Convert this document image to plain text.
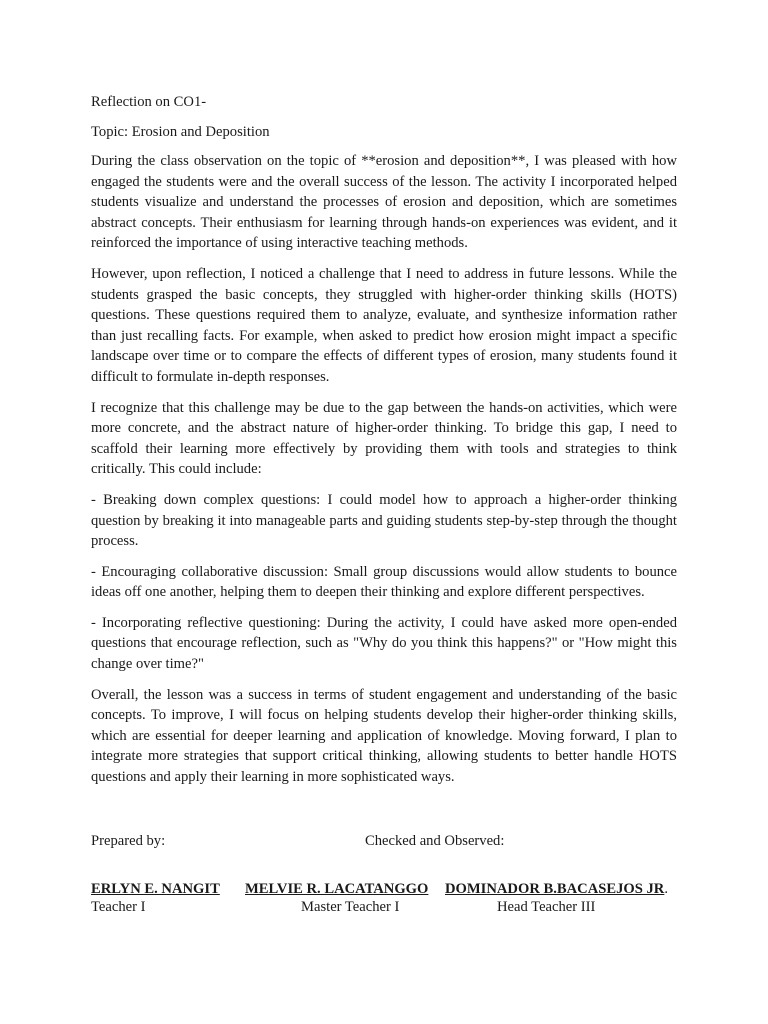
Reflection on CO1-

Topic: Erosion and Deposition

During the class observation on the topic of **erosion and deposition**, I was pleased with how engaged the students were and the overall success of the lesson. The activity I incorporated helped students visualize and understand the processes of erosion and deposition, which are sometimes abstract concepts. Their enthusiasm for learning through hands-on experiences was evident, and it reinforced the importance of using interactive teaching methods.

However, upon reflection, I noticed a challenge that I need to address in future lessons. While the students grasped the basic concepts, they struggled with higher-order thinking skills (HOTS) questions. These questions required them to analyze, evaluate, and synthesize information rather than just recalling facts. For example, when asked to predict how erosion might impact a specific landscape over time or to compare the effects of different types of erosion, many students found it difficult to formulate in-depth responses.

I recognize that this challenge may be due to the gap between the hands-on activities, which were more concrete, and the abstract nature of higher-order thinking. To bridge this gap, I need to scaffold their learning more effectively by providing them with tools and strategies to think critically. This could include:

- Breaking down complex questions: I could model how to approach a higher-order thinking question by breaking it into manageable parts and guiding students step-by-step through the thought process.

- Encouraging collaborative discussion: Small group discussions would allow students to bounce ideas off one another, helping them to deepen their thinking and explore different perspectives.

- Incorporating reflective questioning: During the activity, I could have asked more open-ended questions that encourage reflection, such as "Why do you think this happens?" or "How might this change over time?"

Overall, the lesson was a success in terms of student engagement and understanding of the basic concepts. To improve, I will focus on helping students develop their higher-order thinking skills, which are essential for deeper learning and application of knowledge. Moving forward, I plan to integrate more strategies that support critical thinking, allowing students to better handle HOTS questions and apply their learning in more sophisticated ways.

Prepared by:	Checked and Observed:
ERLYN E. NANGIT
Teacher I
MELVIE R. LACATANGGO
Master Teacher I
DOMINADOR B.BACASEJOS JR.
Head Teacher III
